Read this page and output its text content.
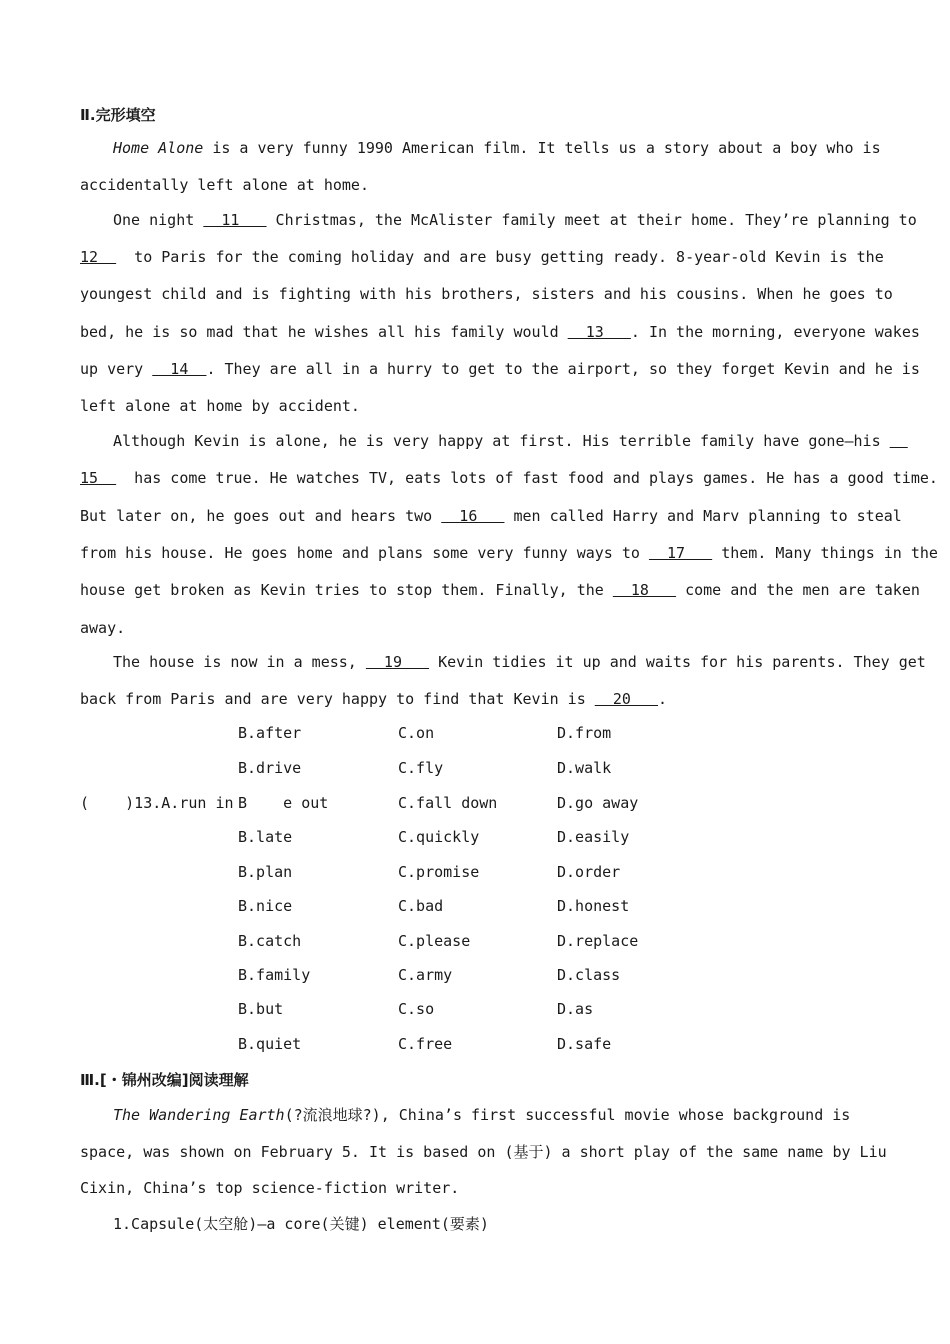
Ⅱ.完形填空
Home Alone is a very funny 1990 American film. It tells us a story about a boy who is
accidentally left alone at home.
One night   11    Christmas, the McAlister family meet at their home. They’re planning to
12    to Paris for the coming holiday and are busy getting ready. 8-year-old Kevin is the
youngest child and is fighting with his brothers, sisters and his cousins. When he goes to
bed, he is so mad that he wishes all his family would   13   . In the morning, everyone wakes
up very   14  . They are all in a hurry to get to the airport, so they forget Kevin and he is
left alone at home by accident.
Although Kevin is alone, he is very happy at first. His terrible family have gone—his
15    has come true. He watches TV, eats lots of fast food and plays games. He has a good time.
But later on, he goes out and hears two   16    men called Harry and Marv planning to steal
from his house. He goes home and plans some very funny ways to   17    them. Many things in the
house get broken as Kevin tries to stop them. Finally, the   18    come and the men are taken
away.
The house is now in a mess,   19    Kevin tidies it up and waits for his parents. They get
back from Paris and are very happy to find that Kevin is   20   .
B.after	C.on	D.from
B.drive	C.fly	D.walk
(    )13.A.run in B    e out	C.fall down	D.go away
B.late	C.quickly	D.easily
B.plan	C.promise	D.order
B.nice	C.bad	D.honest
B.catch	C.please	D.replace
B.family	C.army	D.class
B.but	C.so	D.as
B.quiet	C.free	D.safe
Ⅲ.[・锦州改编]阅读理解
The Wandering Earth(?流浪地球?), China’s first successful movie whose background is
space, was shown on February 5. It is based on (基于) a short play of the same name by Liu
Cixin, China’s top science-fiction writer.
1.Capsule(太空舱)—a core(关键) element(要素)
